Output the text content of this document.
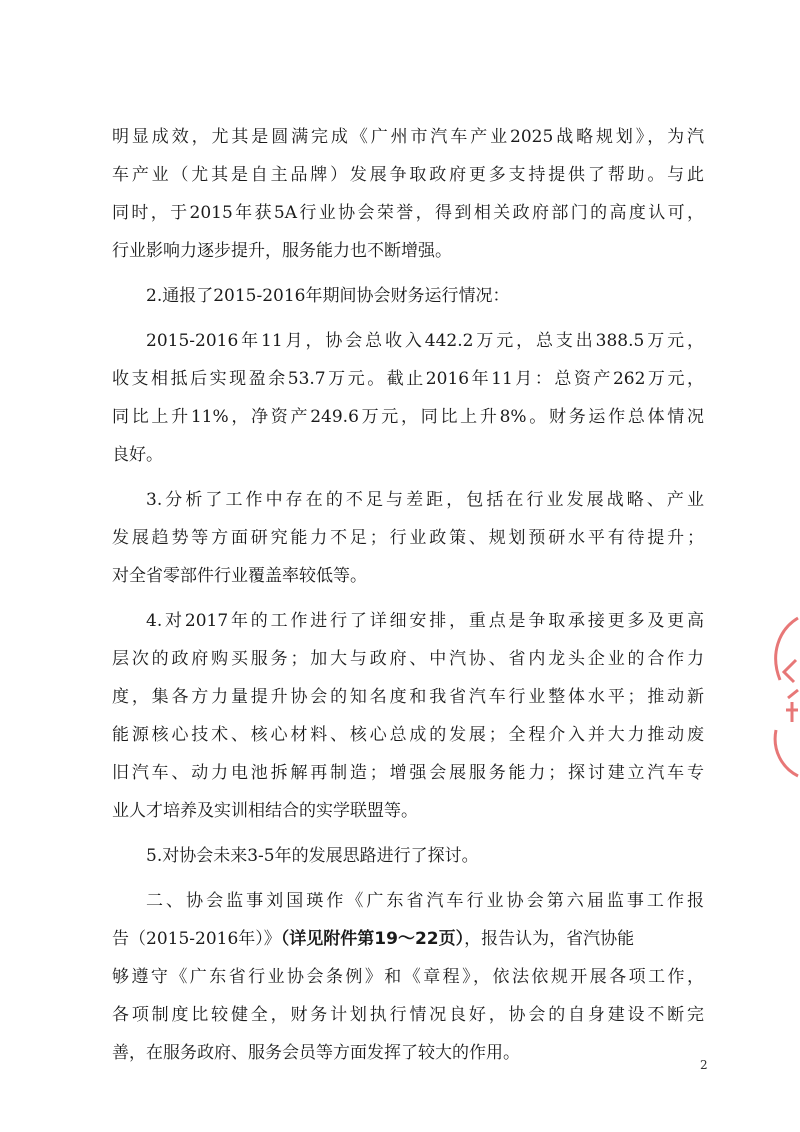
明显成效，尤其是圆满完成《广州市汽车产业2025战略规划》，为汽
车产业（尤其是自主品牌）发展争取政府更多支持提供了帮助。与此
同时，于2015年获5A行业协会荣誉，得到相关政府部门的高度认可，
行业影响力逐步提升，服务能力也不断增强。
2.通报了2015-2016年期间协会财务运行情况：
2015-2016年11月，协会总收入442.2万元，总支出388.5万元，
收支相抵后实现盈余53.7万元。截止2016年11月：总资产262万元，
同比上升11%，净资产249.6万元，同比上升8%。财务运作总体情况
良好。
3.分析了工作中存在的不足与差距，包括在行业发展战略、产业
发展趋势等方面研究能力不足；行业政策、规划预研水平有待提升；
对全省零部件行业覆盖率较低等。
4.对2017年的工作进行了详细安排，重点是争取承接更多及更高
层次的政府购买服务；加大与政府、中汽协、省内龙头企业的合作力
度，集各方力量提升协会的知名度和我省汽车行业整体水平；推动新
能源核心技术、核心材料、核心总成的发展；全程介入并大力推动废
旧汽车、动力电池拆解再制造；增强会展服务能力；探讨建立汽车专
业人才培养及实训相结合的实学联盟等。
5.对协会未来3-5年的发展思路进行了探讨。
二、协会监事刘国瑛作《广东省汽车行业协会第六届监事工作报
告（2015-2016年）》（详见附件第19～22页），报告认为，省汽协能
够遵守《广东省行业协会条例》和《章程》，依法依规开展各项工作，
各项制度比较健全，财务计划执行情况良好，协会的自身建设不断完
善，在服务政府、服务会员等方面发挥了较大的作用。
2
